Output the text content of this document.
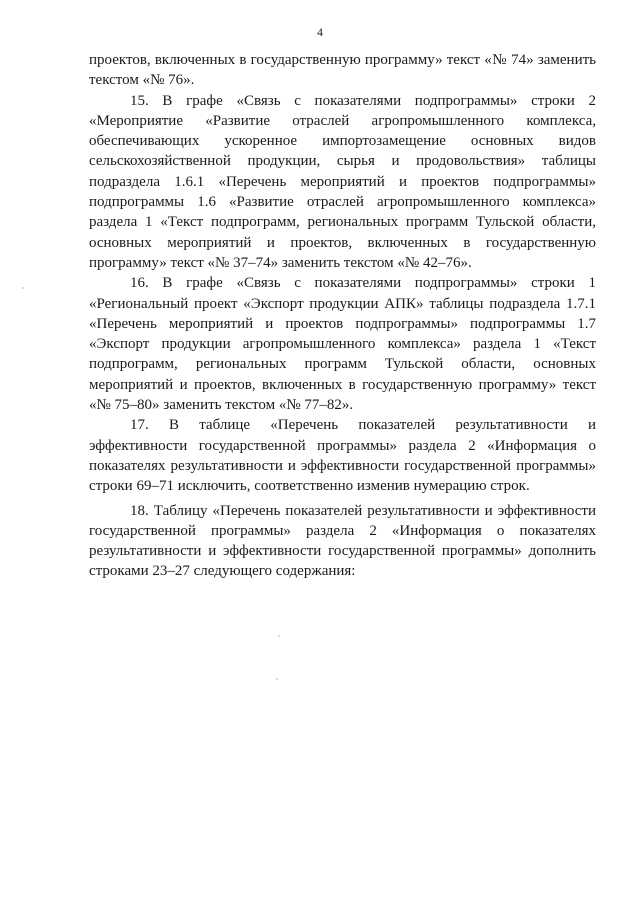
4

проектов, включенных в государственную программу» текст «№ 74» заменить текстом «№ 76».

15. В графе «Связь с показателями подпрограммы» строки 2 «Мероприятие «Развитие отраслей агропромышленного комплекса, обеспечивающих ускоренное импортозамещение основных видов сельскохозяйственной продукции, сырья и продовольствия» таблицы подраздела 1.6.1 «Перечень мероприятий и проектов подпрограммы» подпрограммы 1.6 «Развитие отраслей агропромышленного комплекса» раздела 1 «Текст подпрограмм, региональных программ Тульской области, основных мероприятий и проектов, включенных в государственную программу» текст «№ 37–74» заменить текстом «№ 42–76».

16. В графе «Связь с показателями подпрограммы» строки 1 «Региональный проект «Экспорт продукции АПК» таблицы подраздела 1.7.1 «Перечень мероприятий и проектов подпрограммы» подпрограммы 1.7 «Экспорт продукции агропромышленного комплекса» раздела 1 «Текст подпрограмм, региональных программ Тульской области, основных мероприятий и проектов, включенных в государственную программу» текст «№ 75–80» заменить текстом «№ 77–82».

17. В таблице «Перечень показателей результативности и эффективности государственной программы» раздела 2 «Информация о показателях результативности и эффективности государственной программы» строки 69–71 исключить, соответственно изменив нумерацию строк.

18. Таблицу «Перечень показателей результативности и эффективности государственной программы» раздела 2 «Информация о показателях результативности и эффективности государственной программы» дополнить строками 23–27 следующего содержания:
